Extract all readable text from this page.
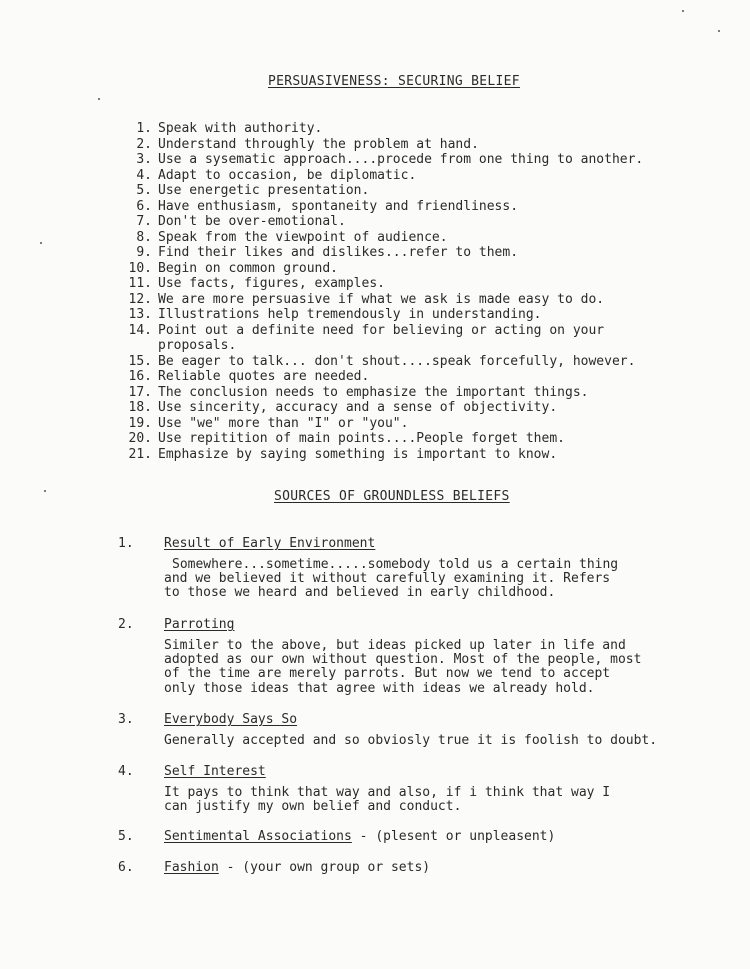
PERSUASIVENESS: SECURING BELIEF
1. Speak with authority.
2. Understand throughly the problem at hand.
3. Use a sysematic approach....procede from one thing to another.
4. Adapt to occasion, be diplomatic.
5. Use energetic presentation.
6. Have enthusiasm, spontaneity and friendliness.
7. Don't be over-emotional.
8. Speak from the viewpoint of audience.
9. Find their likes and dislikes...refer to them.
10. Begin on common ground.
11. Use facts, figures, examples.
12. We are more persuasive if what we ask is made easy to do.
13. Illustrations help tremendously in understanding.
14. Point out a definite need for believing or acting on your
proposals.
15. Be eager to talk... don't shout....speak forcefully, however.
16. Reliable quotes are needed.
17. The conclusion needs to emphasize the important things.
18. Use sincerity, accuracy and a sense of objectivity.
19. Use "we" more than "I" or "you".
20. Use repitition of main points....People forget them.
21. Emphasize by saying something is important to know.
SOURCES OF GROUNDLESS BELIEFS
1. Result of Early Environment
Somewhere...sometime.....somebody told us a certain thing
and we believed it without carefully examining it. Refers
to those we heard and believed in early childhood.
2. Parroting
Similer to the above, but ideas picked up later in life and
adopted as our own without question. Most of the people, most
of the time are merely parrots. But now we tend to accept
only those ideas that agree with ideas we already hold.
3. Everybody Says So
Generally accepted and so obviosly true it is foolish to doubt.
4. Self Interest
It pays to think that way and also, if i think that way I
can justify my own belief and conduct.
5. Sentimental Associations - (plesent or unpleasent)
6. Fashion - (your own group or sets)
